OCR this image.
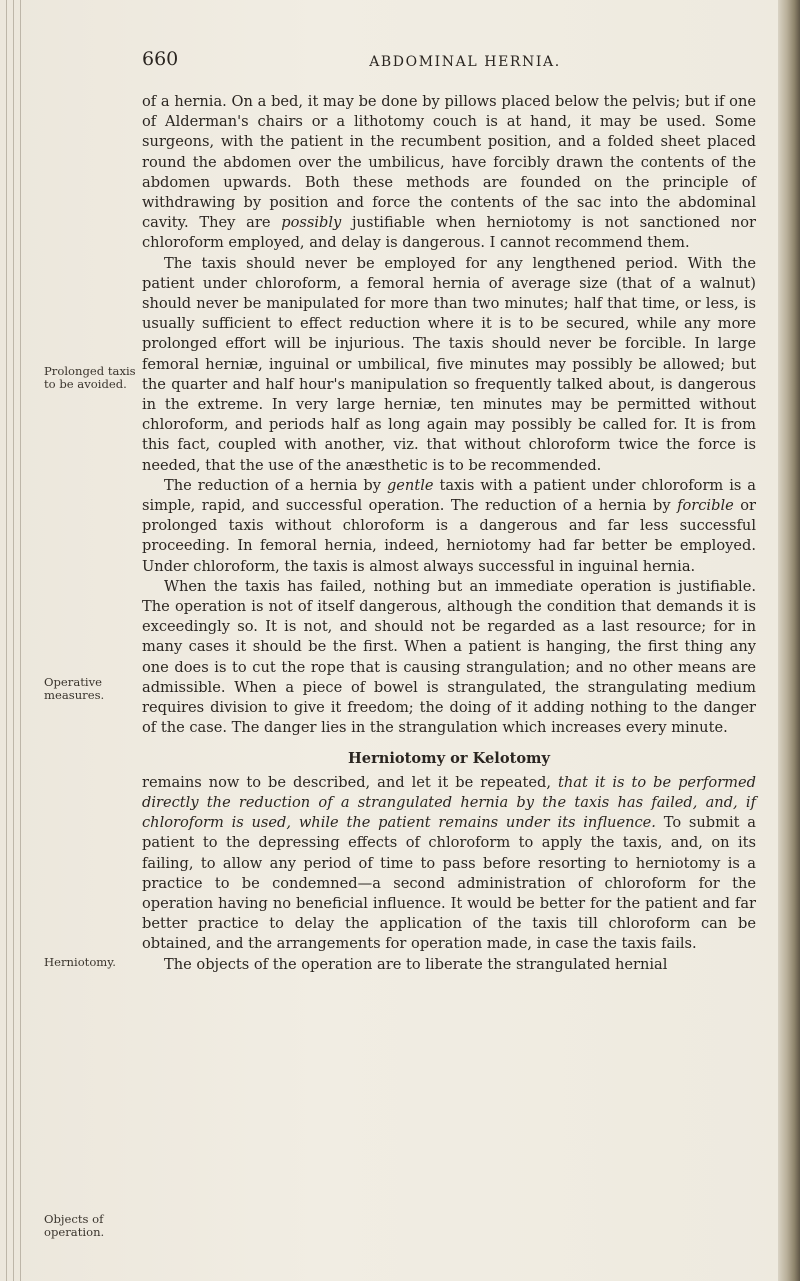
660	ABDOMINAL HERNIA.
Prolonged taxis to be avoided.
Operative measures.
Herniotomy.
Objects of operation.

of a hernia. On a bed, it may be done by pillows placed below the pelvis; but if one of Alderman's chairs or a lithotomy couch is at hand, it may be used. Some surgeons, with the patient in the recumbent position, and a folded sheet placed round the abdomen over the umbilicus, have forcibly drawn the contents of the abdomen upwards. Both these methods are founded on the principle of withdrawing by position and force the contents of the sac into the abdominal cavity. They are possibly justifiable when herniotomy is not sanctioned nor chloroform employed, and delay is dangerous. I cannot recommend them.

The taxis should never be employed for any lengthened period. With the patient under chloroform, a femoral hernia of average size (that of a walnut) should never be manipulated for more than two minutes; half that time, or less, is usually sufficient to effect reduction where it is to be secured, while any more prolonged effort will be injurious. The taxis should never be forcible. In large femoral herniæ, inguinal or umbilical, five minutes may possibly be allowed; but the quarter and half hour's manipulation so frequently talked about, is dangerous in the extreme. In very large herniæ, ten minutes may be permitted without chloroform, and periods half as long again may possibly be called for. It is from this fact, coupled with another, viz. that without chloroform twice the force is needed, that the use of the anæsthetic is to be recommended.

The reduction of a hernia by gentle taxis with a patient under chloroform is a simple, rapid, and successful operation. The reduction of a hernia by forcible or prolonged taxis without chloroform is a dangerous and far less successful proceeding. In femoral hernia, indeed, herniotomy had far better be employed. Under chloroform, the taxis is almost always successful in inguinal hernia.

When the taxis has failed, nothing but an immediate operation is justifiable. The operation is not of itself dangerous, although the condition that demands it is exceedingly so. It is not, and should not be regarded as a last resource; for in many cases it should be the first. When a patient is hanging, the first thing any one does is to cut the rope that is causing strangulation; and no other means are admissible. When a piece of bowel is strangulated, the strangulating medium requires division to give it freedom; the doing of it adding nothing to the danger of the case. The danger lies in the strangulation which increases every minute.

Herniotomy or Kelotomy

remains now to be described, and let it be repeated, that it is to be performed directly the reduction of a strangulated hernia by the taxis has failed, and, if chloroform is used, while the patient remains under its influence. To submit a patient to the depressing effects of chloroform to apply the taxis, and, on its failing, to allow any period of time to pass before resorting to herniotomy is a practice to be condemned—a second administration of chloroform for the operation having no beneficial influence. It would be better for the patient and far better practice to delay the application of the taxis till chloroform can be obtained, and the arrangements for operation made, in case the taxis fails.

The objects of the operation are to liberate the strangulated hernial
